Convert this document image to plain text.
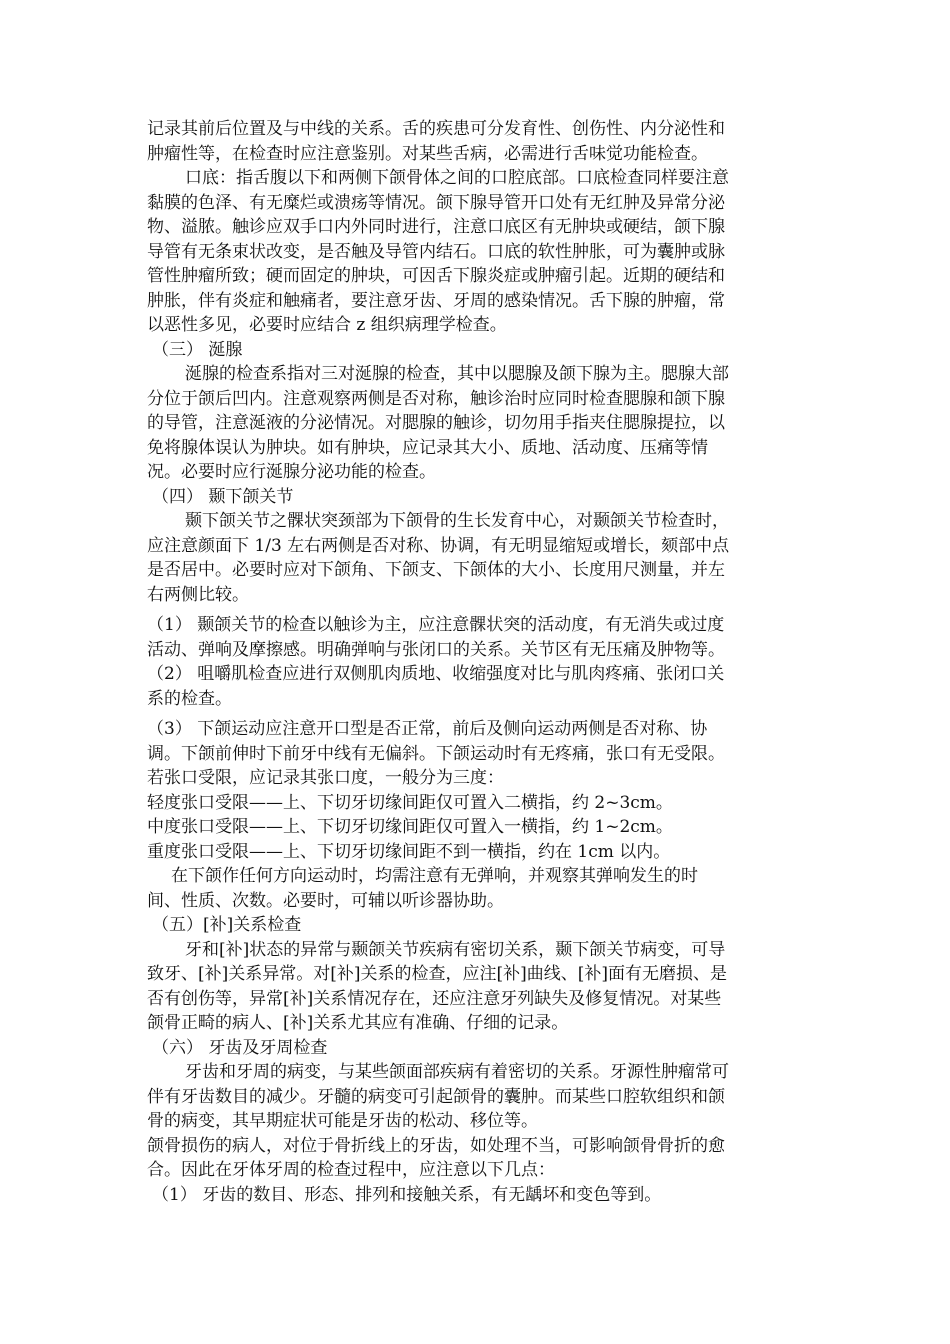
记录其前后位置及与中线的关系。舌的疾患可分发育性、创伤性、内分泌性和

肿瘤性等，在检查时应注意鉴别。对某些舌病，必需进行舌味觉功能检查。

口底：指舌腹以下和两侧下颌骨体之间的口腔底部。口底检查同样要注意

黏膜的色泽、有无糜烂或溃疡等情况。颌下腺导管开口处有无红肿及异常分泌

物、溢脓。触诊应双手口内外同时进行，注意口底区有无肿块或硬结，颌下腺

导管有无条束状改变，是否触及导管内结石。口底的软性肿胀，可为囊肿或脉

管性肿瘤所致；硬而固定的肿块，可因舌下腺炎症或肿瘤引起。近期的硬结和

肿胀，伴有炎症和触痛者，要注意牙齿、牙周的感染情况。舌下腺的肿瘤，常

以恶性多见，必要时应结合 z 组织病理学检查。

（三） 涎腺

涎腺的检查系指对三对涎腺的检查，其中以腮腺及颌下腺为主。腮腺大部

分位于颌后凹内。注意观察两侧是否对称，触诊治时应同时检查腮腺和颌下腺

的导管，注意涎液的分泌情况。对腮腺的触诊，切勿用手指夹住腮腺提拉，以

免将腺体误认为肿块。如有肿块，应记录其大小、质地、活动度、压痛等情

况。必要时应行涎腺分泌功能的检查。

（四） 颞下颌关节

颞下颌关节之髁状突颈部为下颌骨的生长发育中心，对颞颌关节检查时，

应注意颜面下 1/3 左右两侧是否对称、协调，有无明显缩短或增长，颏部中点

是否居中。必要时应对下颌角、下颌支、下颌体的大小、长度用尺测量，并左

右两侧比较。

（1） 颞颌关节的检查以触诊为主，应注意髁状突的活动度，有无消失或过度

活动、弹响及摩擦感。明确弹响与张闭口的关系。关节区有无压痛及肿物等。

（2） 咀嚼肌检查应进行双侧肌肉质地、收缩强度对比与肌肉疼痛、张闭口关

系的检查。

（3） 下颌运动应注意开口型是否正常，前后及侧向运动两侧是否对称、协

调。下颌前伸时下前牙中线有无偏斜。下颌运动时有无疼痛，张口有无受限。

若张口受限，应记录其张口度，一般分为三度：

轻度张口受限——上、下切牙切缘间距仅可置入二横指，约 2~3cm。

中度张口受限——上、下切牙切缘间距仅可置入一横指，约 1~2cm。

重度张口受限——上、下切牙切缘间距不到一横指，约在 1cm 以内。

在下颌作任何方向运动时，均需注意有无弹响，并观察其弹响发生的时

间、性质、次数。必要时，可辅以听诊器协助。

（五）[补]关系检查

牙和[补]状态的异常与颞颌关节疾病有密切关系，颞下颌关节病变，可导

致牙、[补]关系异常。对[补]关系的检查，应注[补]曲线、[补]面有无磨损、是

否有创伤等，异常[补]关系情况存在，还应注意牙列缺失及修复情况。对某些

颌骨正畸的病人、[补]关系尤其应有准确、仔细的记录。

（六） 牙齿及牙周检查

牙齿和牙周的病变，与某些颌面部疾病有着密切的关系。牙源性肿瘤常可

伴有牙齿数目的减少。牙髓的病变可引起颌骨的囊肿。而某些口腔软组织和颌

骨的病变，其早期症状可能是牙齿的松动、移位等。

颌骨损伤的病人，对位于骨折线上的牙齿，如处理不当，可影响颌骨骨折的愈

合。因此在牙体牙周的检查过程中，应注意以下几点：

（1） 牙齿的数目、形态、排列和接触关系，有无龋坏和变色等到。
